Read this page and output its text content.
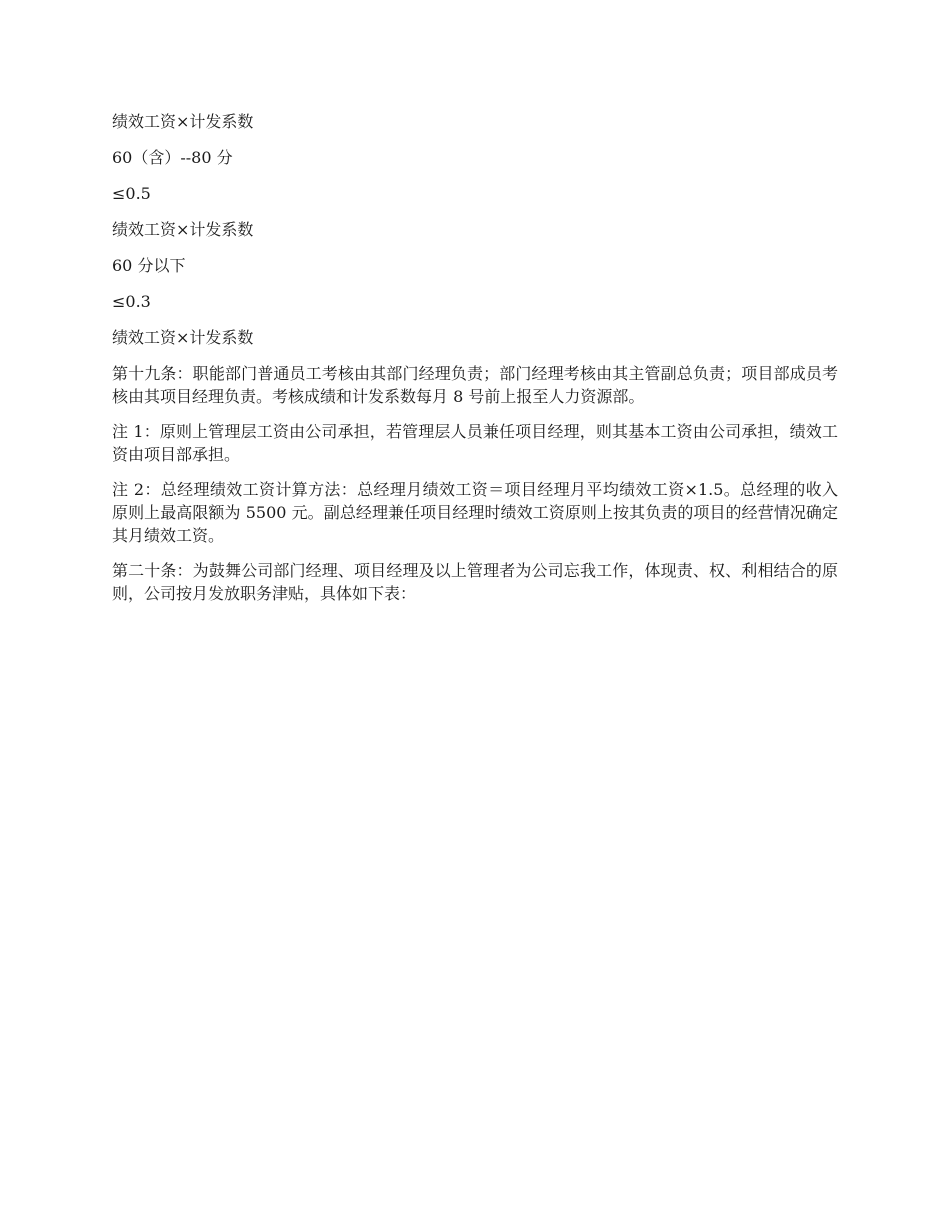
绩效工资×计发系数

60（含）--80 分

≤0.5

绩效工资×计发系数

60 分以下

≤0.3

绩效工资×计发系数

第十九条：职能部门普通员工考核由其部门经理负责；部门经理考核由其主管副总负责；项目部成员考核由其项目经理负责。考核成绩和计发系数每月 8 号前上报至人力资源部。

注 1：原则上管理层工资由公司承担，若管理层人员兼任项目经理，则其基本工资由公司承担，绩效工资由项目部承担。

注 2：总经理绩效工资计算方法：总经理月绩效工资＝项目经理月平均绩效工资×1.5。总经理的收入原则上最高限额为 5500 元。副总经理兼任项目经理时绩效工资原则上按其负责的项目的经营情况确定其月绩效工资。

第二十条：为鼓舞公司部门经理、项目经理及以上管理者为公司忘我工作，体现责、权、利相结合的原则，公司按月发放职务津贴，具体如下表：
